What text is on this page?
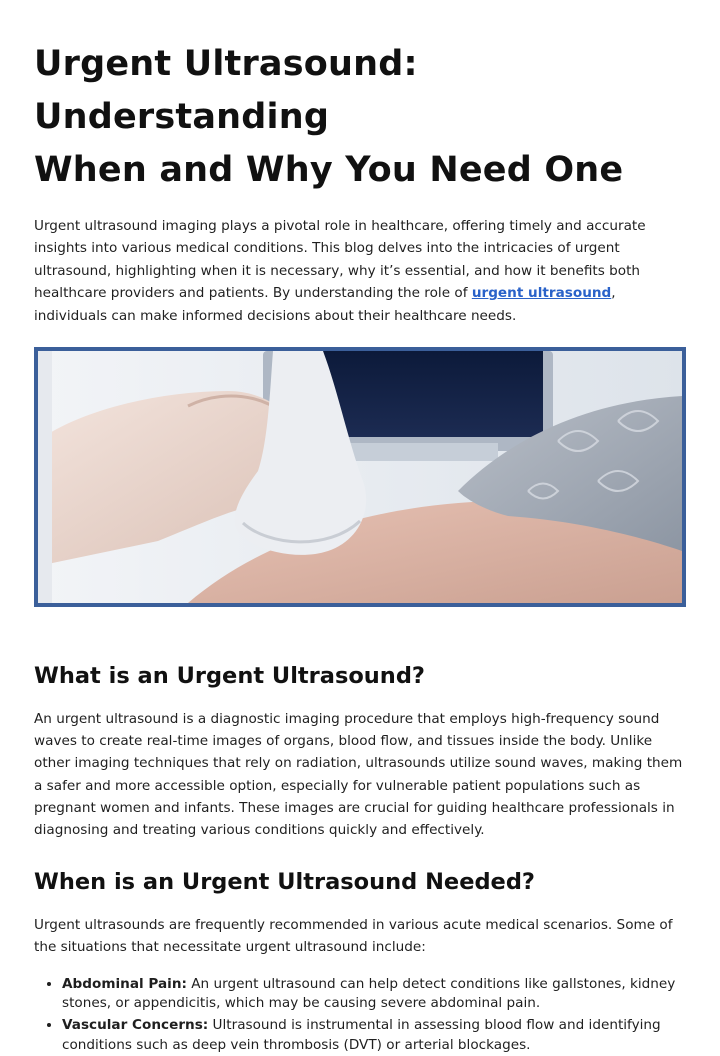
Urgent Ultrasound: Understanding
When and Why You Need One

Urgent ultrasound imaging plays a pivotal role in healthcare, offering timely and accurate insights into various medical conditions. This blog delves into the intricacies of urgent ultrasound, highlighting when it is necessary, why it’s essential, and how it benefits both healthcare providers and patients. By understanding the role of urgent ultrasound, individuals can make informed decisions about their healthcare needs.

What is an Urgent Ultrasound?

An urgent ultrasound is a diagnostic imaging procedure that employs high-frequency sound waves to create real-time images of organs, blood flow, and tissues inside the body. Unlike other imaging techniques that rely on radiation, ultrasounds utilize sound waves, making them a safer and more accessible option, especially for vulnerable patient populations such as pregnant women and infants. These images are crucial for guiding healthcare professionals in diagnosing and treating various conditions quickly and effectively.

When is an Urgent Ultrasound Needed?

Urgent ultrasounds are frequently recommended in various acute medical scenarios. Some of the situations that necessitate urgent ultrasound include:

• Abdominal Pain: An urgent ultrasound can help detect conditions like gallstones, kidney stones, or appendicitis, which may be causing severe abdominal pain.
• Vascular Concerns: Ultrasound is instrumental in assessing blood flow and identifying conditions such as deep vein thrombosis (DVT) or arterial blockages.
